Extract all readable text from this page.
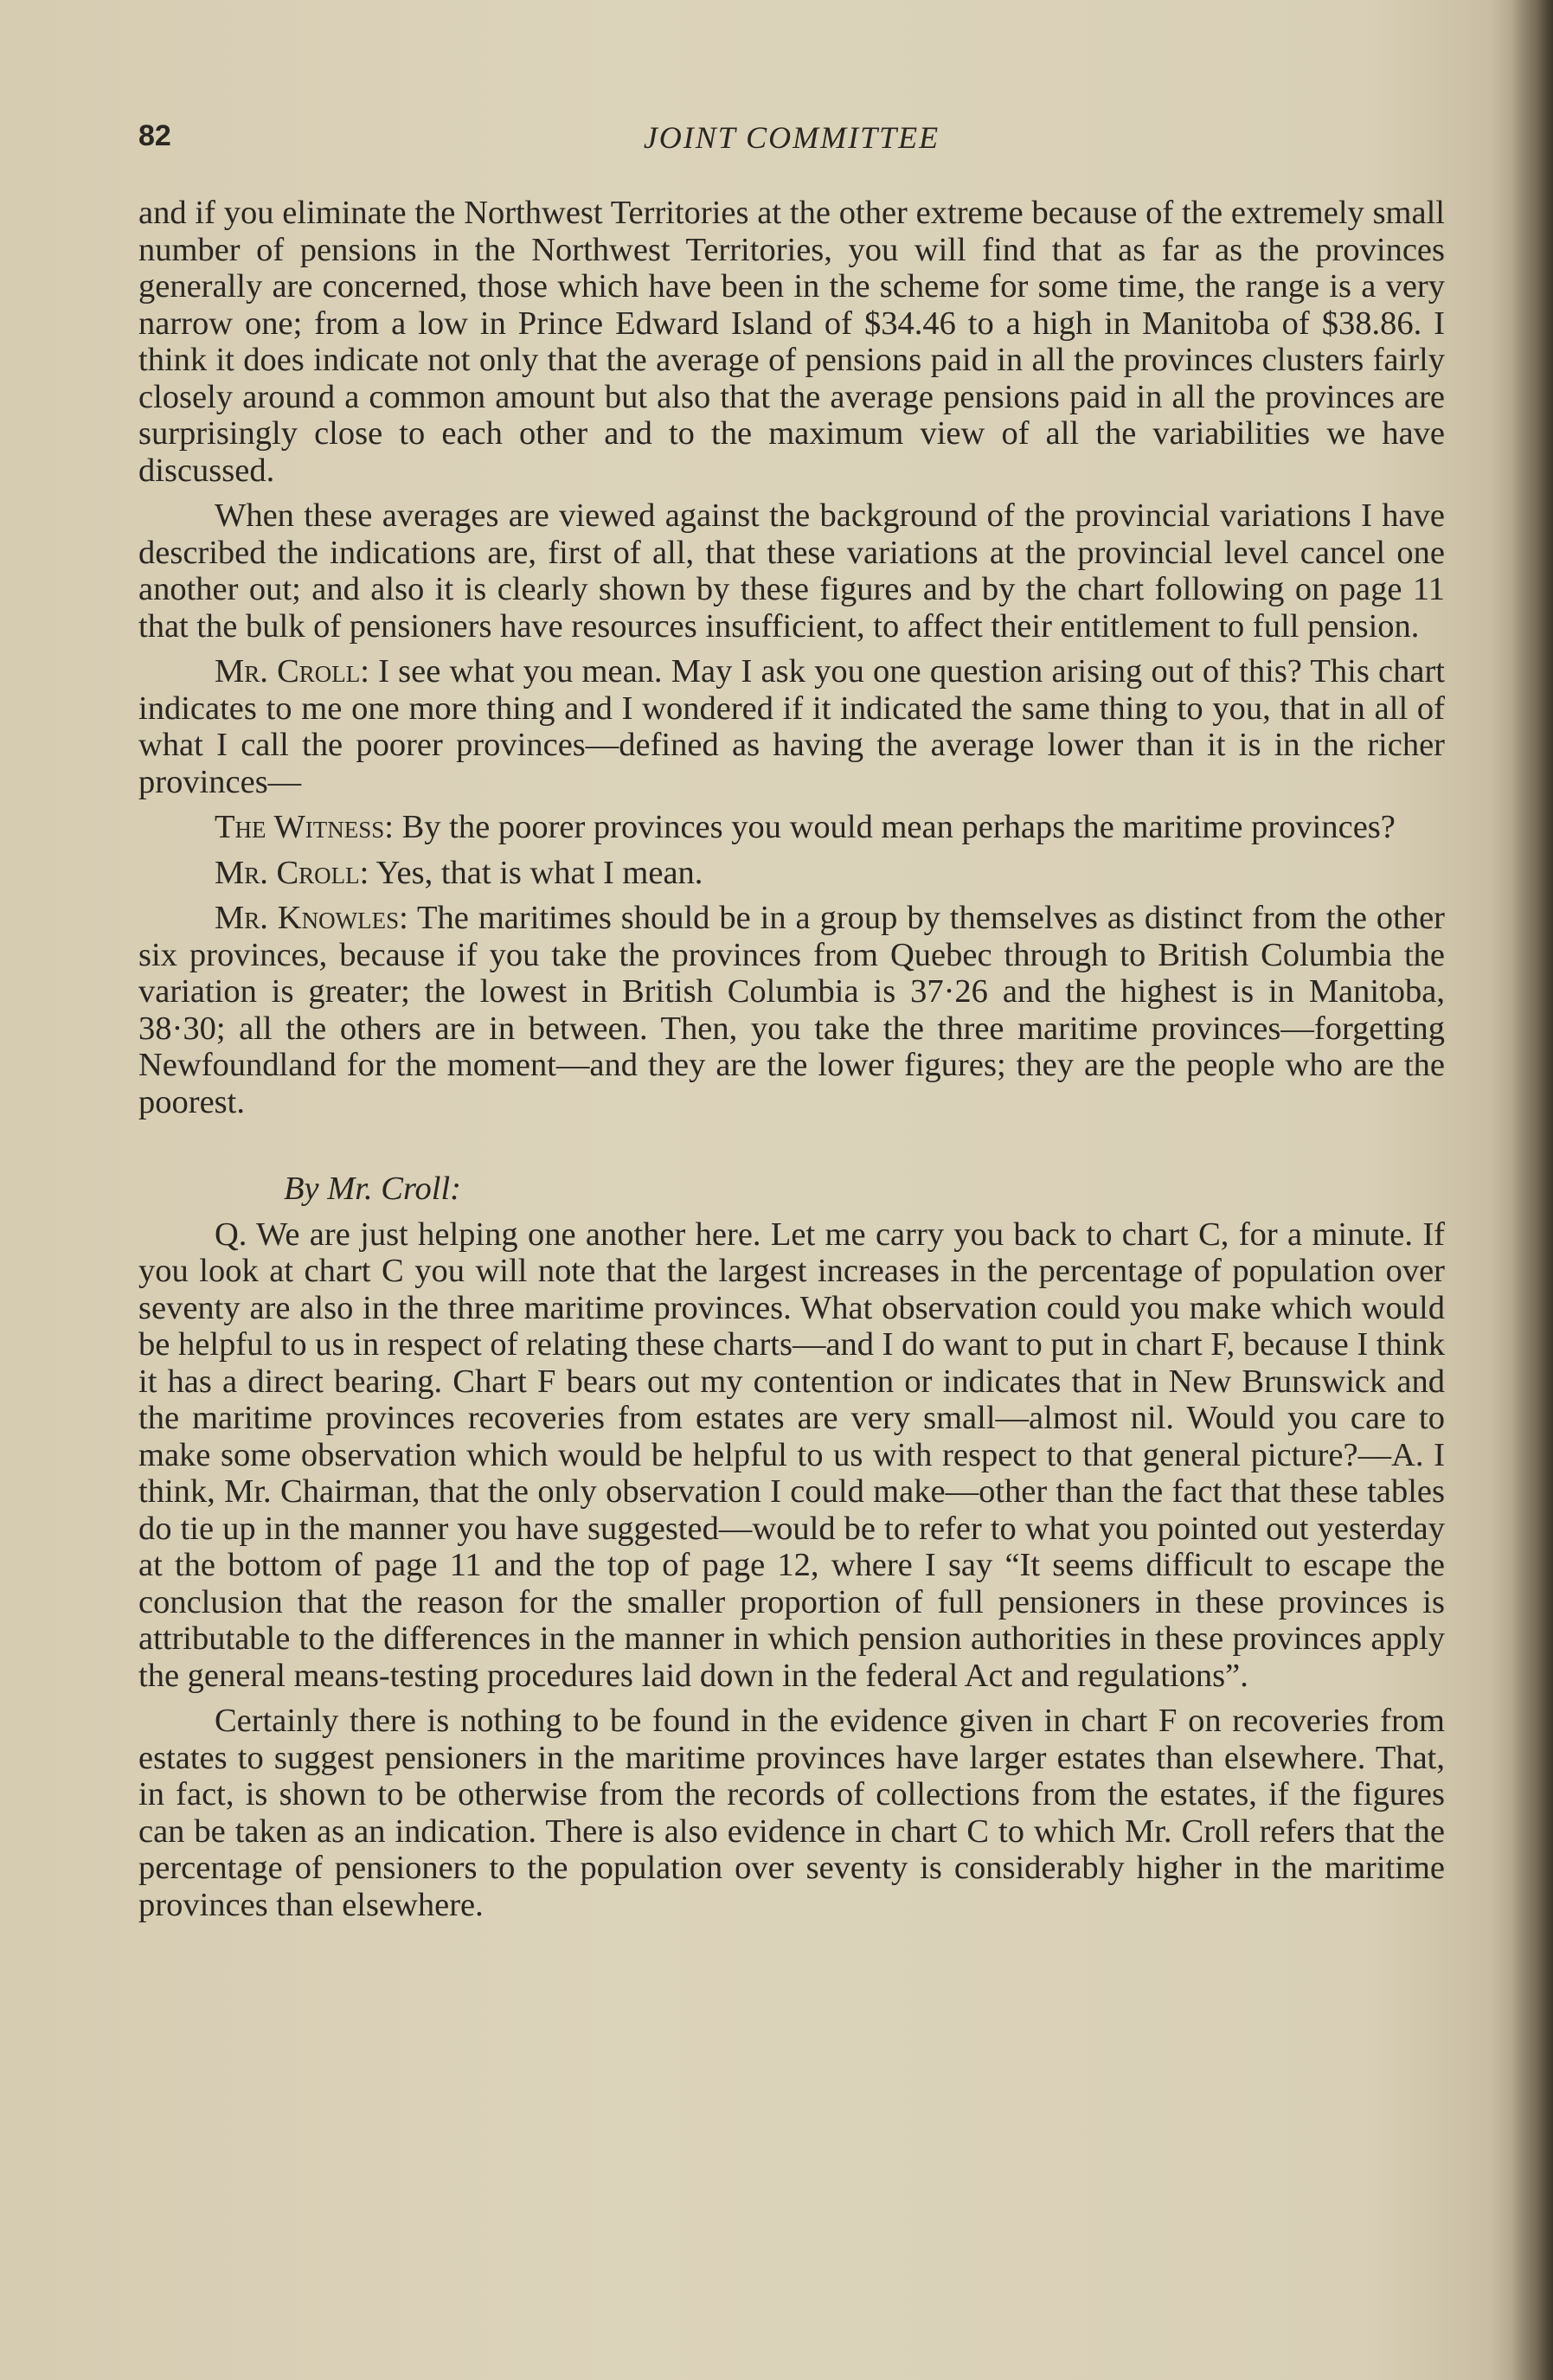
82	JOINT COMMITTEE

and if you eliminate the Northwest Territories at the other extreme because of the extremely small number of pensions in the Northwest Territories, you will find that as far as the provinces generally are concerned, those which have been in the scheme for some time, the range is a very narrow one; from a low in Prince Edward Island of $34.46 to a high in Manitoba of $38.86. I think it does indicate not only that the average of pensions paid in all the provinces clusters fairly closely around a common amount but also that the average pensions paid in all the provinces are surprisingly close to each other and to the maximum view of all the variabilities we have discussed.

When these averages are viewed against the background of the provincial variations I have described the indications are, first of all, that these variations at the provincial level cancel one another out; and also it is clearly shown by these figures and by the chart following on page 11 that the bulk of pensioners have resources insufficient, to affect their entitlement to full pension.

Mr. Croll: I see what you mean. May I ask you one question arising out of this? This chart indicates to me one more thing and I wondered if it indicated the same thing to you, that in all of what I call the poorer provinces—defined as having the average lower than it is in the richer provinces—

The Witness: By the poorer provinces you would mean perhaps the maritime provinces?

Mr. Croll: Yes, that is what I mean.

Mr. Knowles: The maritimes should be in a group by themselves as distinct from the other six provinces, because if you take the provinces from Quebec through to British Columbia the variation is greater; the lowest in British Columbia is 37·26 and the highest is in Manitoba, 38·30; all the others are in between. Then, you take the three maritime provinces—forgetting Newfoundland for the moment—and they are the lower figures; they are the people who are the poorest.

By Mr. Croll:

Q. We are just helping one another here. Let me carry you back to chart C, for a minute. If you look at chart C you will note that the largest increases in the percentage of population over seventy are also in the three maritime provinces. What observation could you make which would be helpful to us in respect of relating these charts—and I do want to put in chart F, because I think it has a direct bearing. Chart F bears out my contention or indicates that in New Brunswick and the maritime provinces recoveries from estates are very small—almost nil. Would you care to make some observation which would be helpful to us with respect to that general picture?—A. I think, Mr. Chairman, that the only observation I could make—other than the fact that these tables do tie up in the manner you have suggested—would be to refer to what you pointed out yesterday at the bottom of page 11 and the top of page 12, where I say “It seems difficult to escape the conclusion that the reason for the smaller proportion of full pensioners in these provinces is attributable to the differences in the manner in which pension authorities in these provinces apply the general means-testing procedures laid down in the federal Act and regulations”.

Certainly there is nothing to be found in the evidence given in chart F on recoveries from estates to suggest pensioners in the maritime provinces have larger estates than elsewhere. That, in fact, is shown to be otherwise from the records of collections from the estates, if the figures can be taken as an indication. There is also evidence in chart C to which Mr. Croll refers that the percentage of pensioners to the population over seventy is considerably higher in the maritime provinces than elsewhere.
